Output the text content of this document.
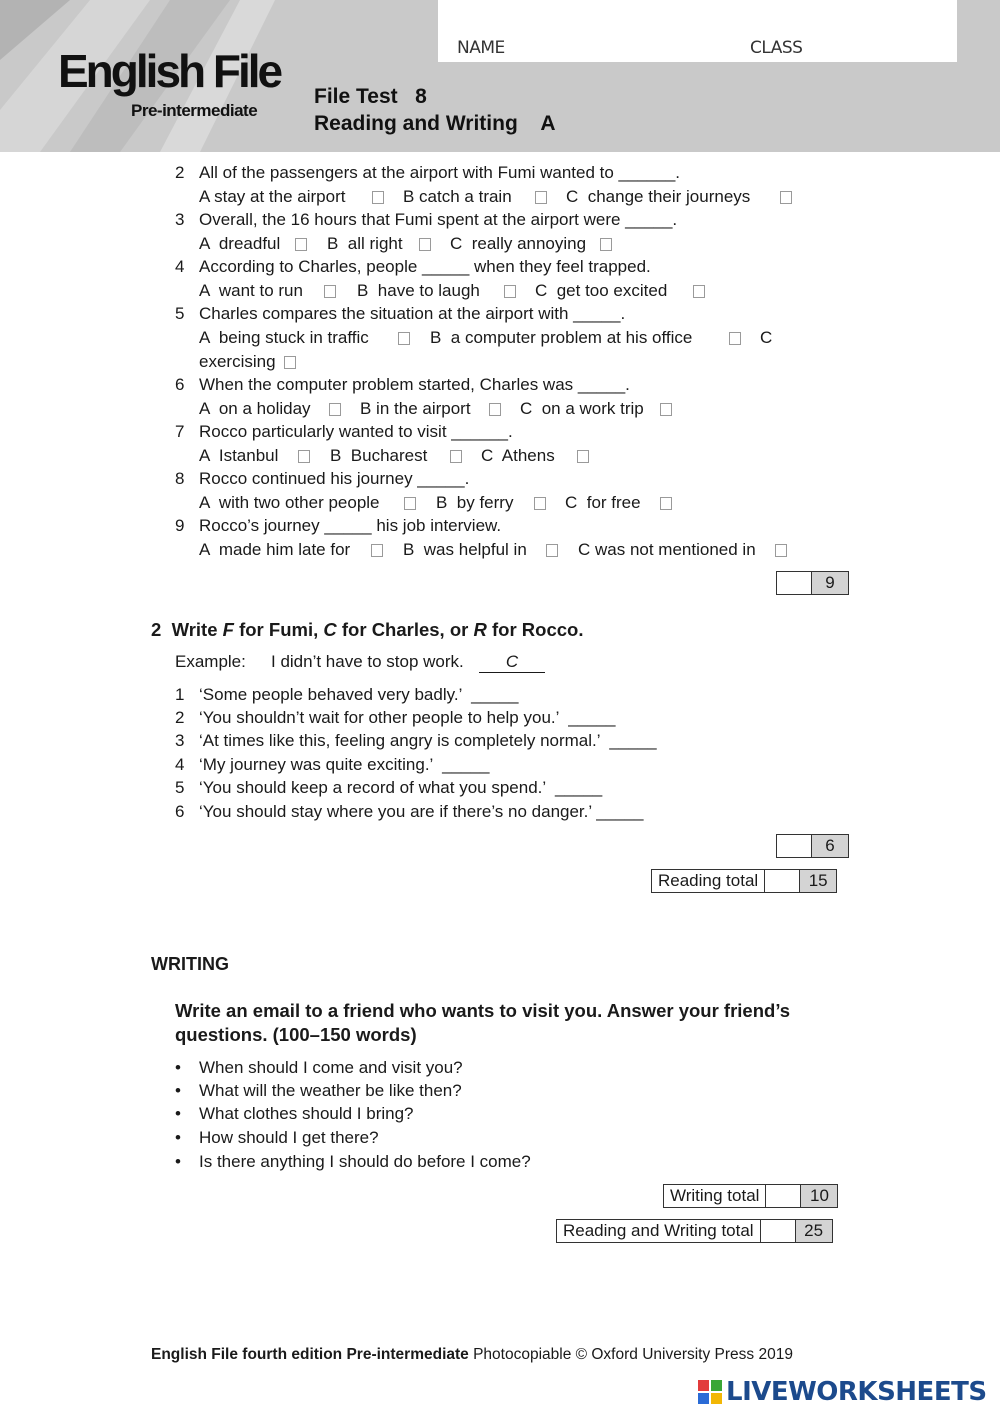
NAME	CLASS
English File
Pre-intermediate
File Test   8
Reading and Writing    A
2 All of the passengers at the airport with Fumi wanted to ______.
A stay at the airport	B catch a train	C  change their journeys
3 Overall, the 16 hours that Fumi spent at the airport were _____.
A  dreadful	B  all right	C  really annoying
4 According to Charles, people _____ when they feel trapped.
A  want to run	B  have to laugh	C  get too excited
5 Charles compares the situation at the airport with _____.
A  being stuck in traffic	B  a computer problem at his office	C
exercising
6 When the computer problem started, Charles was _____.
A  on a holiday	B in the airport	C  on a work trip
7 Rocco particularly wanted to visit ______.
A  Istanbul	B  Bucharest	C  Athens
8 Rocco continued his journey _____.
A  with two other people	B  by ferry	C  for free
9 Rocco’s journey _____ his job interview.
A  made him late for	B  was helpful in	C was not mentioned in
9
2 Write F for Fumi, C for Charles, or R for Rocco.
Example: I didn’t have to stop work.	C
1 ‘Some people behaved very badly.’  _____
2 ‘You shouldn’t wait for other people to help you.’  _____
3 ‘At times like this, feeling angry is completely normal.’  _____
4 ‘My journey was quite exciting.’  _____
5 ‘You should keep a record of what you spend.’  _____
6 ‘You should stay where you are if there’s no danger.’ _____
6
Reading total	15
WRITING
Write an email to a friend who wants to visit you. Answer your friend’s
questions. (100–150 words)
• When should I come and visit you?
• What will the weather be like then?
• What clothes should I bring?
• How should I get there?
• Is there anything I should do before I come?
Writing total	10
Reading and Writing total	25
English File fourth edition Pre-intermediate Photocopiable © Oxford University Press 2019
LIVEWORKSHEETS
